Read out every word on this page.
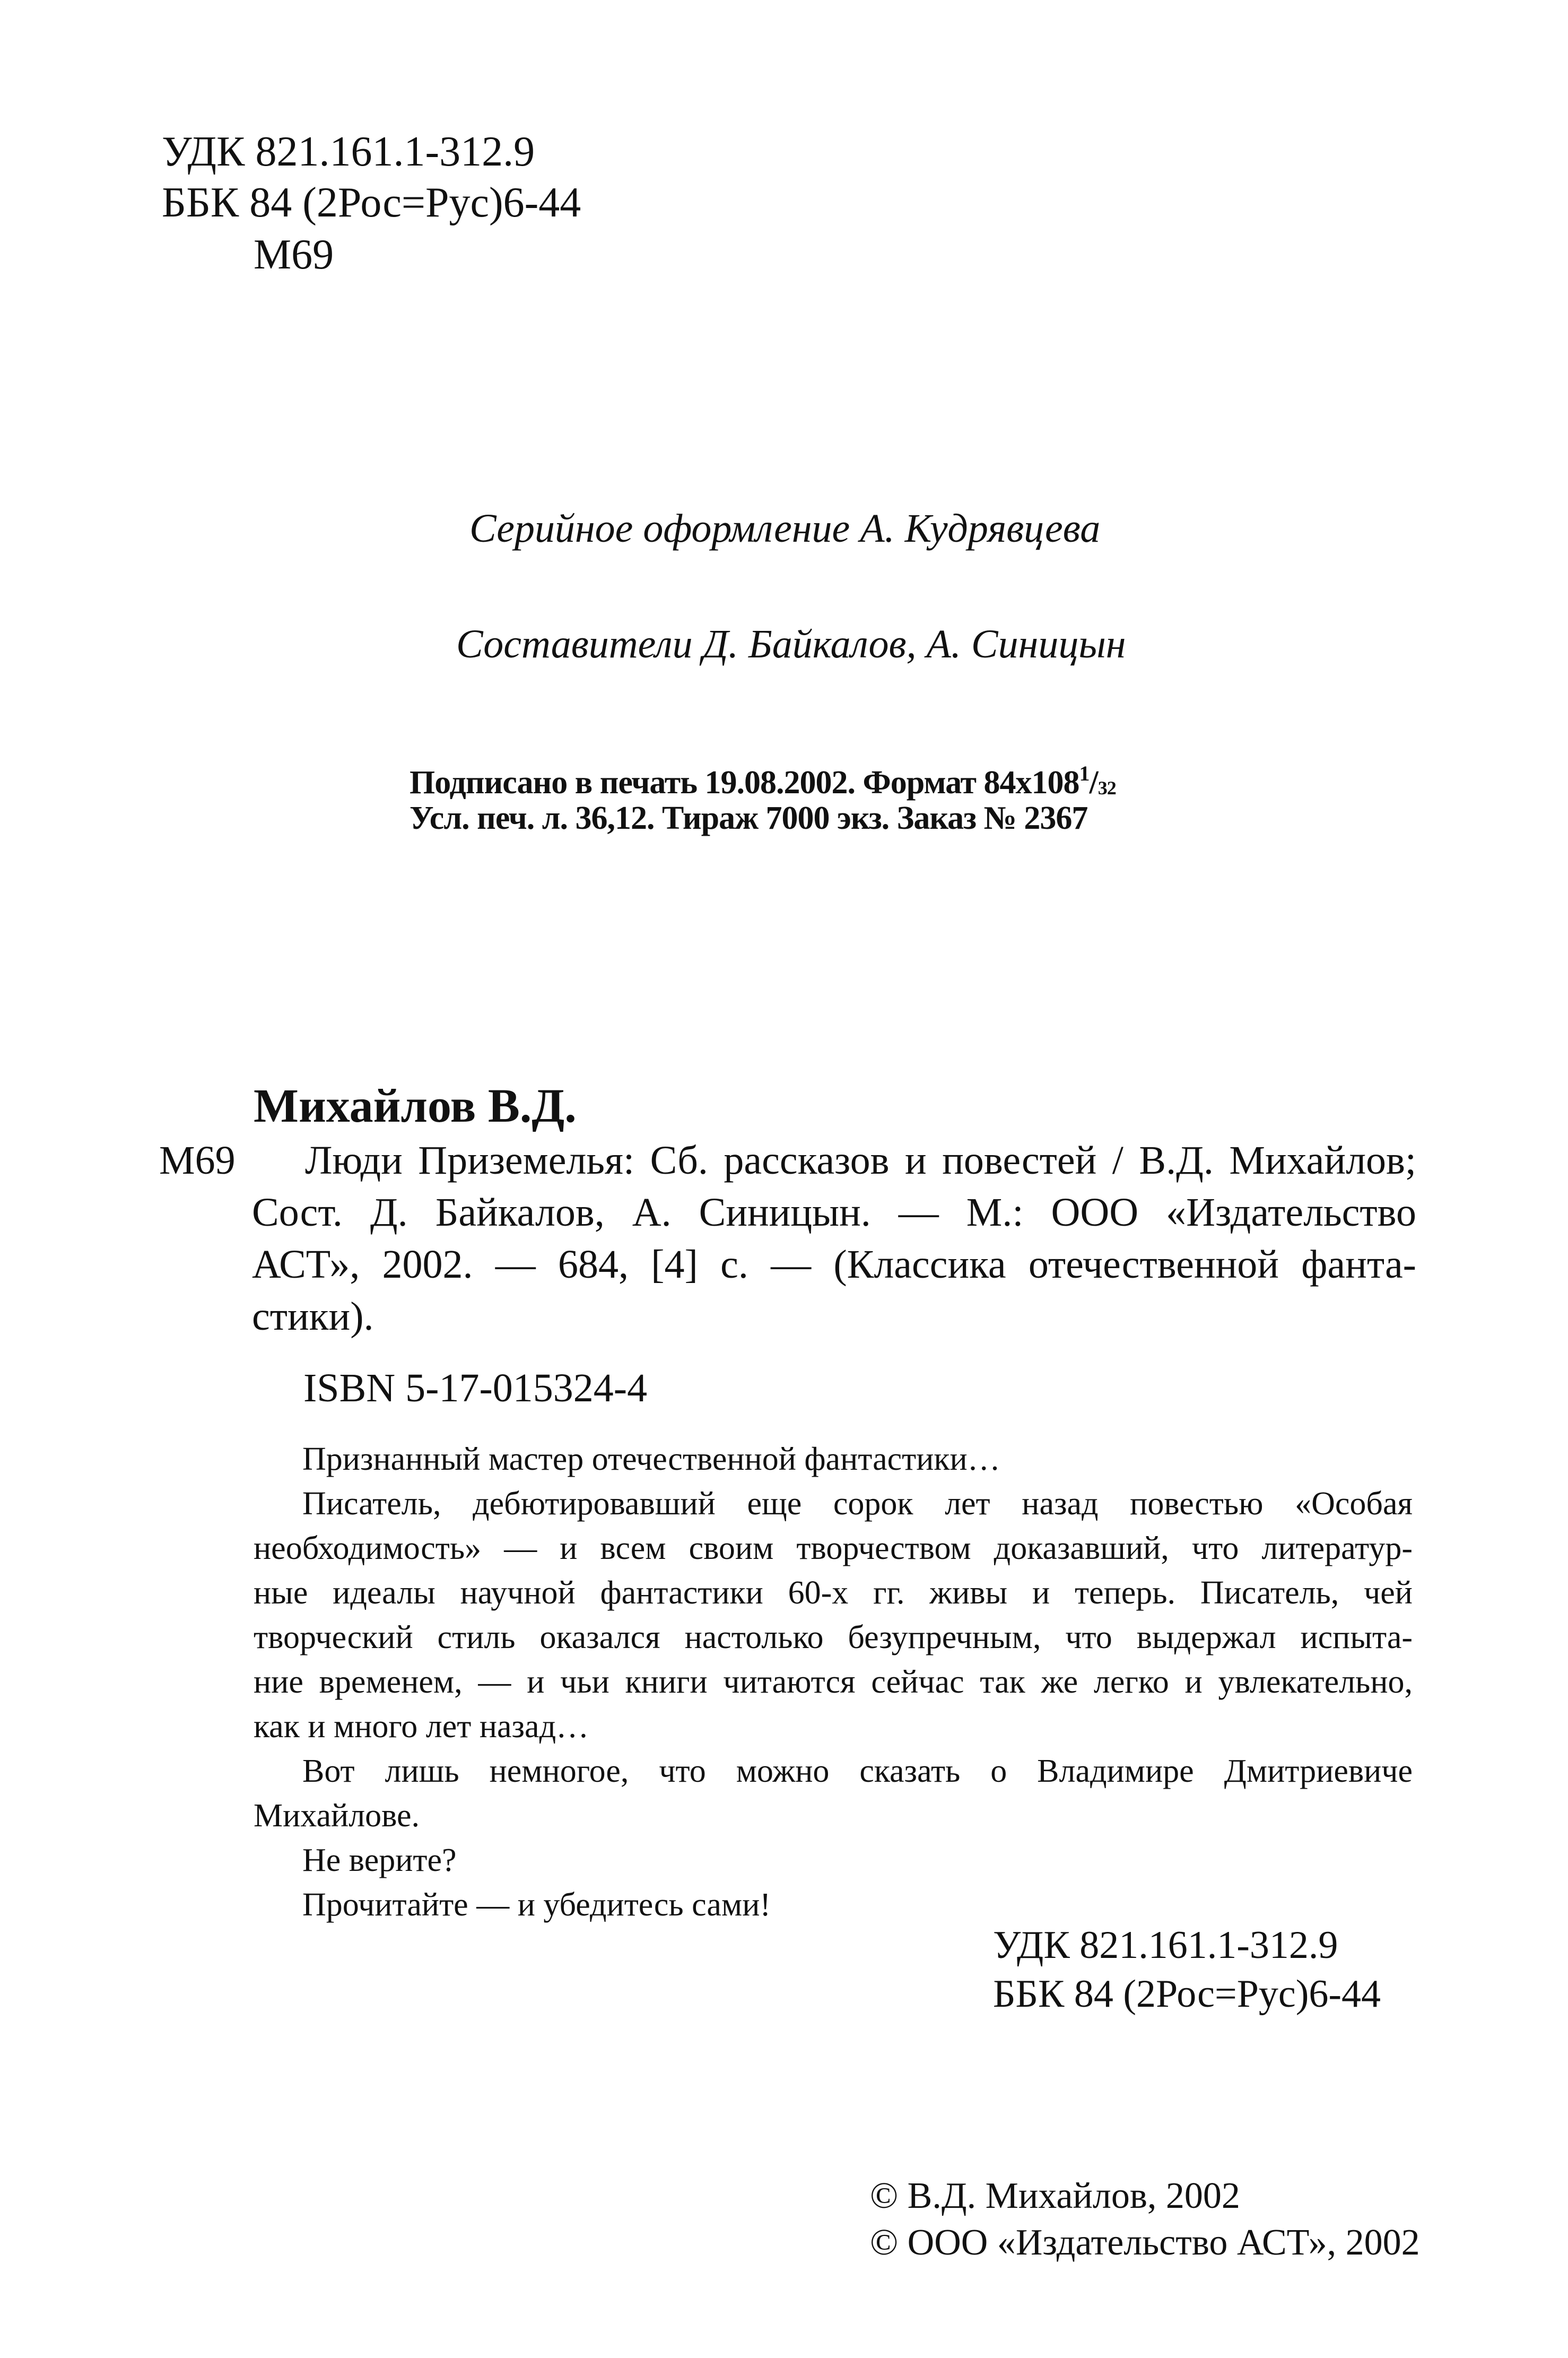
УДК 821.161.1-312.9
ББК 84 (2Рос=Рус)6-44
М69
Серийное оформление А. Кудрявцева
Составители Д. Байкалов, А. Синицын
Подписано в печать 19.08.2002. Формат $84x108^1/_{32}$
Усл. печ. л. 36,12. Тираж 7000 экз. Заказ № 2367
Михайлов В.Д.
М69	Люди Приземелья: Сб. рассказов и повестей / В.Д. Михайлов;
Сост. Д. Байкалов, А. Синицын. — М.: ООО «Издательство
АСТ», 2002. — 684, [4] с. — (Классика отечественной фанта-
стики).
ISBN 5-17-015324-4
Признанный мастер отечественной фантастики…
Писатель, дебютировавший еще сорок лет назад повестью «Особая
необходимость» — и всем своим творчеством доказавший, что литератур-
ные идеалы научной фантастики 60-х гг. живы и теперь. Писатель, чей
творческий стиль оказался настолько безупречным, что выдержал испыта-
ние временем, — и чьи книги читаются сейчас так же легко и увлекательно,
как и много лет назад…
Вот лишь немногое, что можно сказать о Владимире Дмитриевиче
Михайлове.
Не верите?
Прочитайте — и убедитесь сами!
УДК 821.161.1-312.9
ББК 84 (2Рос=Рус)6-44
© В.Д. Михайлов, 2002
© ООО «Издательство АСТ», 2002
